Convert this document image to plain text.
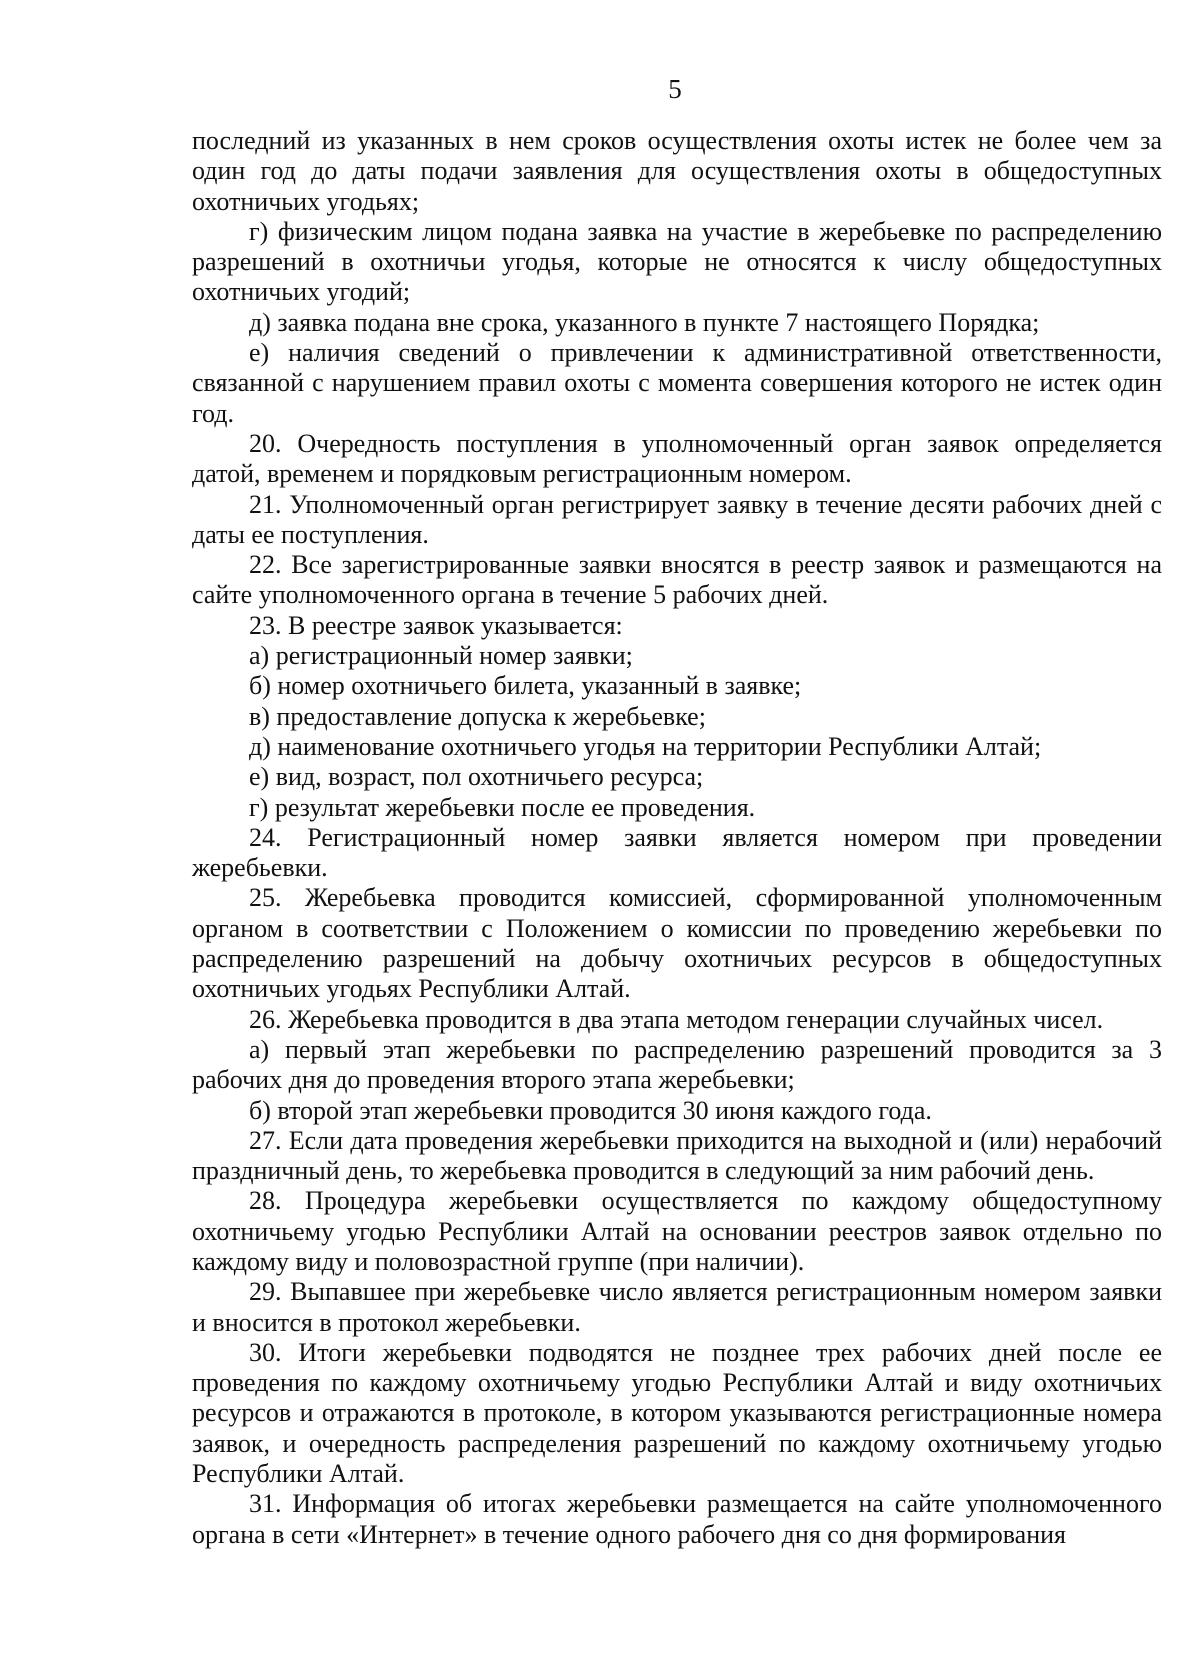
5

последний из указанных в нем сроков осуществления охоты истек не более чем за один год до даты подачи заявления для осуществления охоты в общедоступных охотничьих угодьях;

г) физическим лицом подана заявка на участие в жеребьевке по распределению разрешений в охотничьи угодья, которые не относятся к числу общедоступных охотничьих угодий;

д) заявка подана вне срока, указанного в пункте 7 настоящего Порядка;

е) наличия сведений о привлечении к административной ответственности, связанной с нарушением правил охоты с момента совершения которого не истек один год.

20. Очередность поступления в уполномоченный орган заявок определяется датой, временем и порядковым регистрационным номером.

21. Уполномоченный орган регистрирует заявку в течение десяти рабочих дней с даты ее поступления.

22. Все зарегистрированные заявки вносятся в реестр заявок и размещаются на сайте уполномоченного органа в течение 5 рабочих дней.

23. В реестре заявок указывается:

а) регистрационный номер заявки;

б) номер охотничьего билета, указанный в заявке;

в) предоставление допуска к жеребьевке;

д) наименование охотничьего угодья на территории Республики Алтай;

е) вид, возраст, пол охотничьего ресурса;

г) результат жеребьевки после ее проведения.

24. Регистрационный номер заявки является номером при проведении жеребьевки.

25. Жеребьевка проводится комиссией, сформированной уполномоченным органом в соответствии с Положением о комиссии по проведению жеребьевки по распределению разрешений на добычу охотничьих ресурсов в общедоступных охотничьих угодьях Республики Алтай.

26. Жеребьевка проводится в два этапа методом генерации случайных чисел.

а) первый этап жеребьевки по распределению разрешений проводится за 3 рабочих дня до проведения второго этапа жеребьевки;

б) второй этап жеребьевки проводится 30 июня каждого года.

27. Если дата проведения жеребьевки приходится на выходной и (или) нерабочий праздничный день, то жеребьевка проводится в следующий за ним рабочий день.

28. Процедура жеребьевки осуществляется по каждому общедоступному охотничьему угодью Республики Алтай на основании реестров заявок отдельно по каждому виду и половозрастной группе (при наличии).

29. Выпавшее при жеребьевке число является регистрационным номером заявки и вносится в протокол жеребьевки.

30. Итоги жеребьевки подводятся не позднее трех рабочих дней после ее проведения по каждому охотничьему угодью Республики Алтай и виду охотничьих ресурсов и отражаются в протоколе, в котором указываются регистрационные номера заявок, и очередность распределения разрешений по каждому охотничьему угодью Республики Алтай.

31. Информация об итогах жеребьевки размещается на сайте уполномоченного органа в сети «Интернет» в течение одного рабочего дня со дня формирования
